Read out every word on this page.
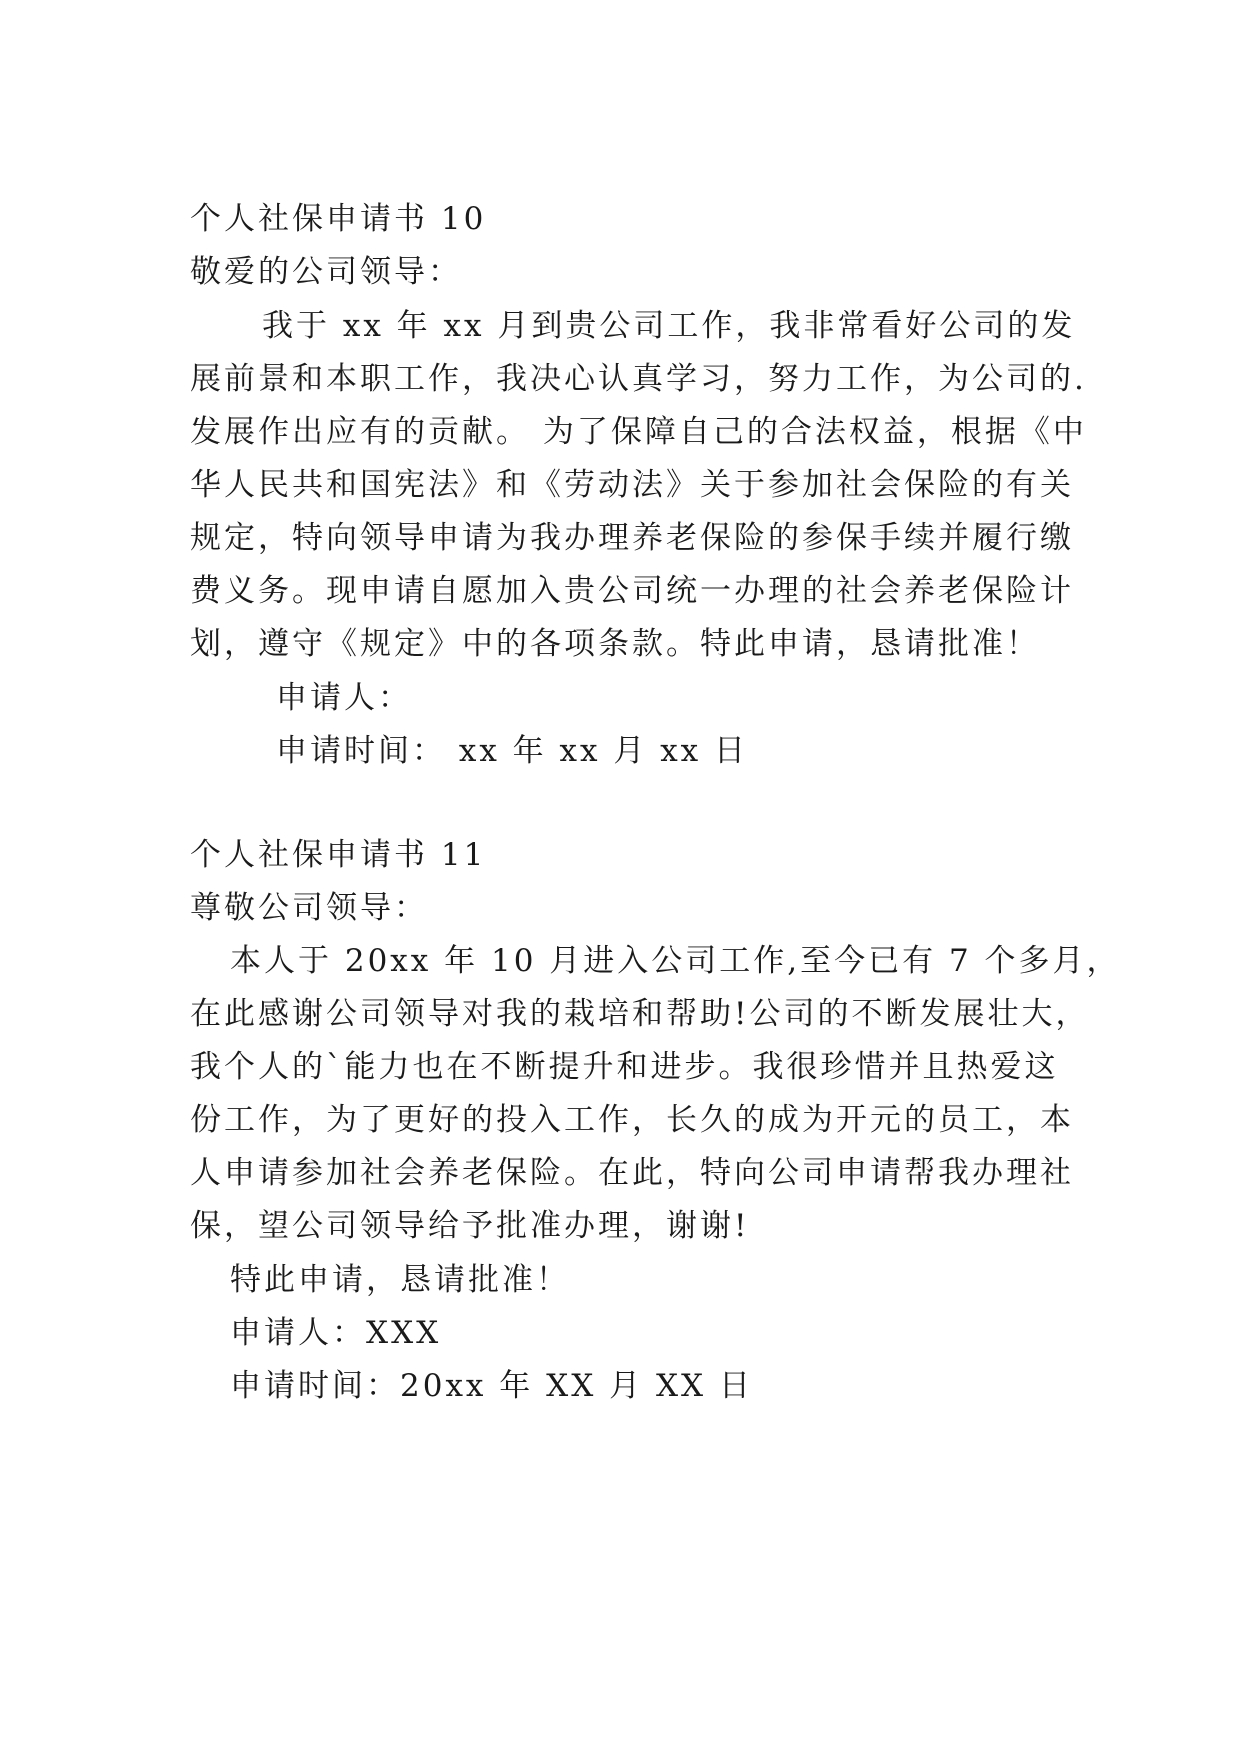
个人社保申请书 10
敬爱的公司领导：
我于 xx 年 xx 月到贵公司工作，我非常看好公司的发
展前景和本职工作，我决心认真学习，努力工作，为公司的.
发展作出应有的贡献。 为了保障自己的合法权益，根据《中
华人民共和国宪法》和《劳动法》关于参加社会保险的有关
规定，特向领导申请为我办理养老保险的参保手续并履行缴
费义务。现申请自愿加入贵公司统一办理的社会养老保险计
划，遵守《规定》中的各项条款。特此申请，恳请批准！
申请人：
申请时间： xx 年 xx 月 xx 日
个人社保申请书 11
尊敬公司领导：
本人于 20xx 年 10 月进入公司工作,至今已有 7 个多月，
在此感谢公司领导对我的栽培和帮助!公司的不断发展壮大，
我个人的`能力也在不断提升和进步。我很珍惜并且热爱这
份工作，为了更好的投入工作，长久的成为开元的员工，本
人申请参加社会养老保险。在此，特向公司申请帮我办理社
保，望公司领导给予批准办理，谢谢!
特此申请，恳请批准！
申请人：XXX
申请时间：20xx 年 XX 月 XX 日
